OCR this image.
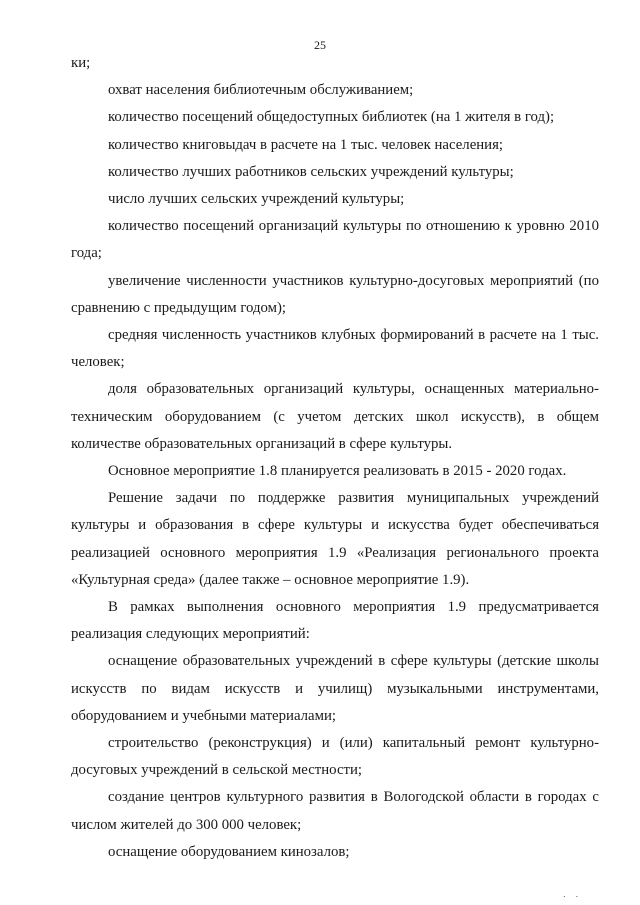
25

ки;

охват населения библиотечным обслуживанием;

количество посещений общедоступных библиотек (на 1 жителя в год);

количество книговыдач в расчете на 1 тыс. человек населения;

количество лучших работников сельских учреждений культуры;

число лучших сельских учреждений культуры;

количество посещений организаций культуры по отношению к уровню 2010 года;

увеличение численности участников культурно-досуговых мероприятий (по сравнению с предыдущим годом);

средняя численность участников клубных формирований в расчете на 1 тыс. человек;

доля образовательных организаций культуры, оснащенных материально-техническим оборудованием (с учетом детских школ искусств), в общем количестве образовательных организаций в сфере культуры.

Основное мероприятие 1.8 планируется реализовать в 2015 - 2020 годах.

Решение задачи по поддержке развития муниципальных учреждений культуры и образования в сфере культуры и искусства будет обеспечиваться реализацией основного мероприятия 1.9 «Реализация регионального проекта «Культурная среда» (далее также – основное мероприятие 1.9).

В рамках выполнения основного мероприятия 1.9 предусматривается реализация следующих мероприятий:

оснащение образовательных учреждений в сфере культуры (детские школы искусств по видам искусств и училищ) музыкальными инструментами, оборудованием и учебными материалами;

строительство (реконструкция) и (или) капитальный ремонт культурно-досуговых учреждений в сельской местности;

создание центров культурного развития в Вологодской области в городах с числом жителей до 300 000 человек;

оснащение оборудованием кинозалов;

. .
